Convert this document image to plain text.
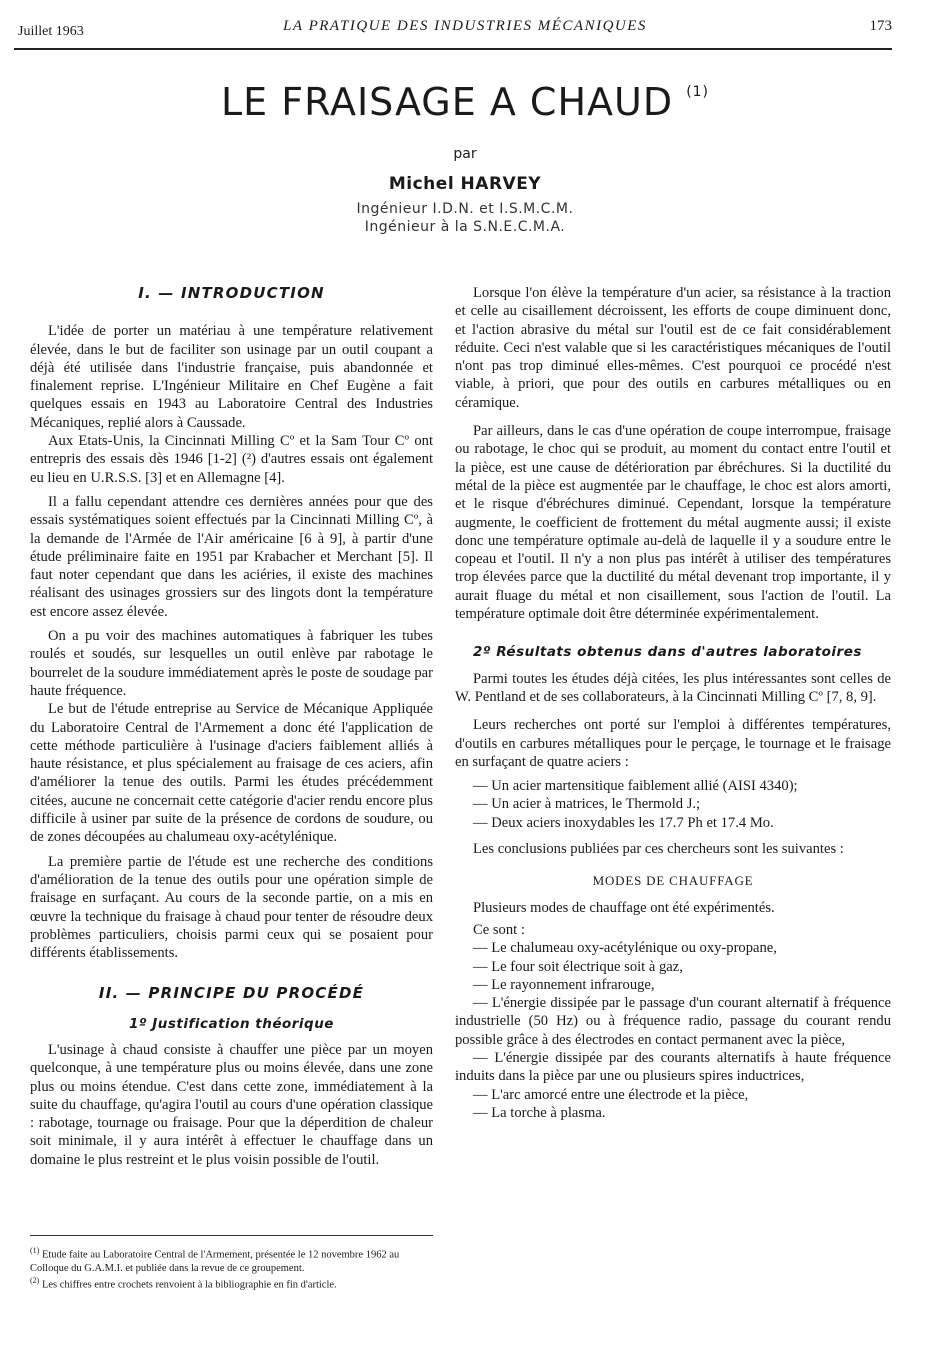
Juillet 1963	LA PRATIQUE DES INDUSTRIES MÉCANIQUES	173
LE FRAISAGE A CHAUD $^{(1)}$
par
Michel HARVEY
Ingénieur I.D.N. et I.S.M.C.M.
Ingénieur à la S.N.E.C.M.A.
I. — INTRODUCTION

L'idée de porter un matériau à une température relativement élevée, dans le but de faciliter son usinage par un outil coupant a déjà été utilisée dans l'industrie française, puis abandonnée et finalement reprise. L'Ingénieur Militaire en Chef Eugène a fait quelques essais en 1943 au Laboratoire Central des Industries Mécaniques, replié alors à Caussade.

Aux Etats-Unis, la Cincinnati Milling Cº et la Sam Tour Cº ont entrepris des essais dès 1946 [1-2] (²) d'autres essais ont également eu lieu en U.R.S.S. [3] et en Allemagne [4].

Il a fallu cependant attendre ces dernières années pour que des essais systématiques soient effectués par la Cincinnati Milling Cº, à la demande de l'Armée de l'Air américaine [6 à 9], à partir d'une étude préliminaire faite en 1951 par Krabacher et Merchant [5]. Il faut noter cependant que dans les aciéries, il existe des machines réalisant des usinages grossiers sur des lingots dont la température est encore assez élevée.

On a pu voir des machines automatiques à fabriquer les tubes roulés et soudés, sur lesquelles un outil enlève par rabotage le bourrelet de la soudure immédiatement après le poste de soudage par haute fréquence.

Le but de l'étude entreprise au Service de Mécanique Appliquée du Laboratoire Central de l'Armement a donc été l'application de cette méthode particulière à l'usinage d'aciers faiblement alliés à haute résistance, et plus spécialement au fraisage de ces aciers, afin d'améliorer la tenue des outils. Parmi les études précédemment citées, aucune ne concernait cette catégorie d'acier rendu encore plus difficile à usiner par suite de la présence de cordons de soudure, ou de zones découpées au chalumeau oxy-acétylénique.

La première partie de l'étude est une recherche des conditions d'amélioration de la tenue des outils pour une opération simple de fraisage en surfaçant. Au cours de la seconde partie, on a mis en œuvre la technique du fraisage à chaud pour tenter de résoudre deux problèmes particuliers, choisis parmi ceux qui se posaient pour différents établissements.

II. — PRINCIPE DU PROCÉDÉ
1º Justification théorique

L'usinage à chaud consiste à chauffer une pièce par un moyen quelconque, à une température plus ou moins élevée, dans une zone plus ou moins étendue. C'est dans cette zone, immédiatement à la suite du chauffage, qu'agira l'outil au cours d'une opération classique : rabotage, tournage ou fraisage. Pour que la déperdition de chaleur soit minimale, il y aura intérêt à effectuer le chauffage dans un domaine le plus restreint et le plus voisin possible de l'outil.

$^{(1)}$ Etude faite au Laboratoire Central de l'Armement, présentée le 12 novembre 1962 au Colloque du G.A.M.I. et publiée dans la revue de ce groupement.
$^{(2)}$ Les chiffres entre crochets renvoient à la bibliographie en fin d'article.

Lorsque l'on élève la température d'un acier, sa résistance à la traction et celle au cisaillement décroissent, les efforts de coupe diminuent donc, et l'action abrasive du métal sur l'outil est de ce fait considérablement réduite. Ceci n'est valable que si les caractéristiques mécaniques de l'outil n'ont pas trop diminué elles-mêmes. C'est pourquoi ce procédé n'est viable, à priori, que pour des outils en carbures métalliques ou en céramique.

Par ailleurs, dans le cas d'une opération de coupe interrompue, fraisage ou rabotage, le choc qui se produit, au moment du contact entre l'outil et la pièce, est une cause de détérioration par ébréchures. Si la ductilité du métal de la pièce est augmentée par le chauffage, le choc est alors amorti, et le risque d'ébréchures diminué. Cependant, lorsque la température augmente, le coefficient de frottement du métal augmente aussi; il existe donc une température optimale au-delà de laquelle il y a soudure entre le copeau et l'outil. Il n'y a non plus pas intérêt à utiliser des températures trop élevées parce que la ductilité du métal devenant trop importante, il y aurait fluage du métal et non cisaillement, sous l'action de l'outil. La température optimale doit être déterminée expérimentalement.

2º Résultats obtenus dans d'autres laboratoires

Parmi toutes les études déjà citées, les plus intéressantes sont celles de W. Pentland et de ses collaborateurs, à la Cincinnati Milling Cº [7, 8, 9].

Leurs recherches ont porté sur l'emploi à différentes températures, d'outils en carbures métalliques pour le perçage, le tournage et le fraisage en surfaçant de quatre aciers :

— Un acier martensitique faiblement allié (AISI 4340);

— Un acier à matrices, le Thermold J.;

— Deux aciers inoxydables les 17.7 Ph et 17.4 Mo.

Les conclusions publiées par ces chercheurs sont les suivantes :

MODES DE CHAUFFAGE

Plusieurs modes de chauffage ont été expérimentés.

Ce sont :

— Le chalumeau oxy-acétylénique ou oxy-propane,

— Le four soit électrique soit à gaz,

— Le rayonnement infrarouge,

— L'énergie dissipée par le passage d'un courant alternatif à fréquence industrielle (50 Hz) ou à fréquence radio, passage du courant rendu possible grâce à des électrodes en contact permanent avec la pièce,

— L'énergie dissipée par des courants alternatifs à haute fréquence induits dans la pièce par une ou plusieurs spires inductrices,

— L'arc amorcé entre une électrode et la pièce,

— La torche à plasma.
